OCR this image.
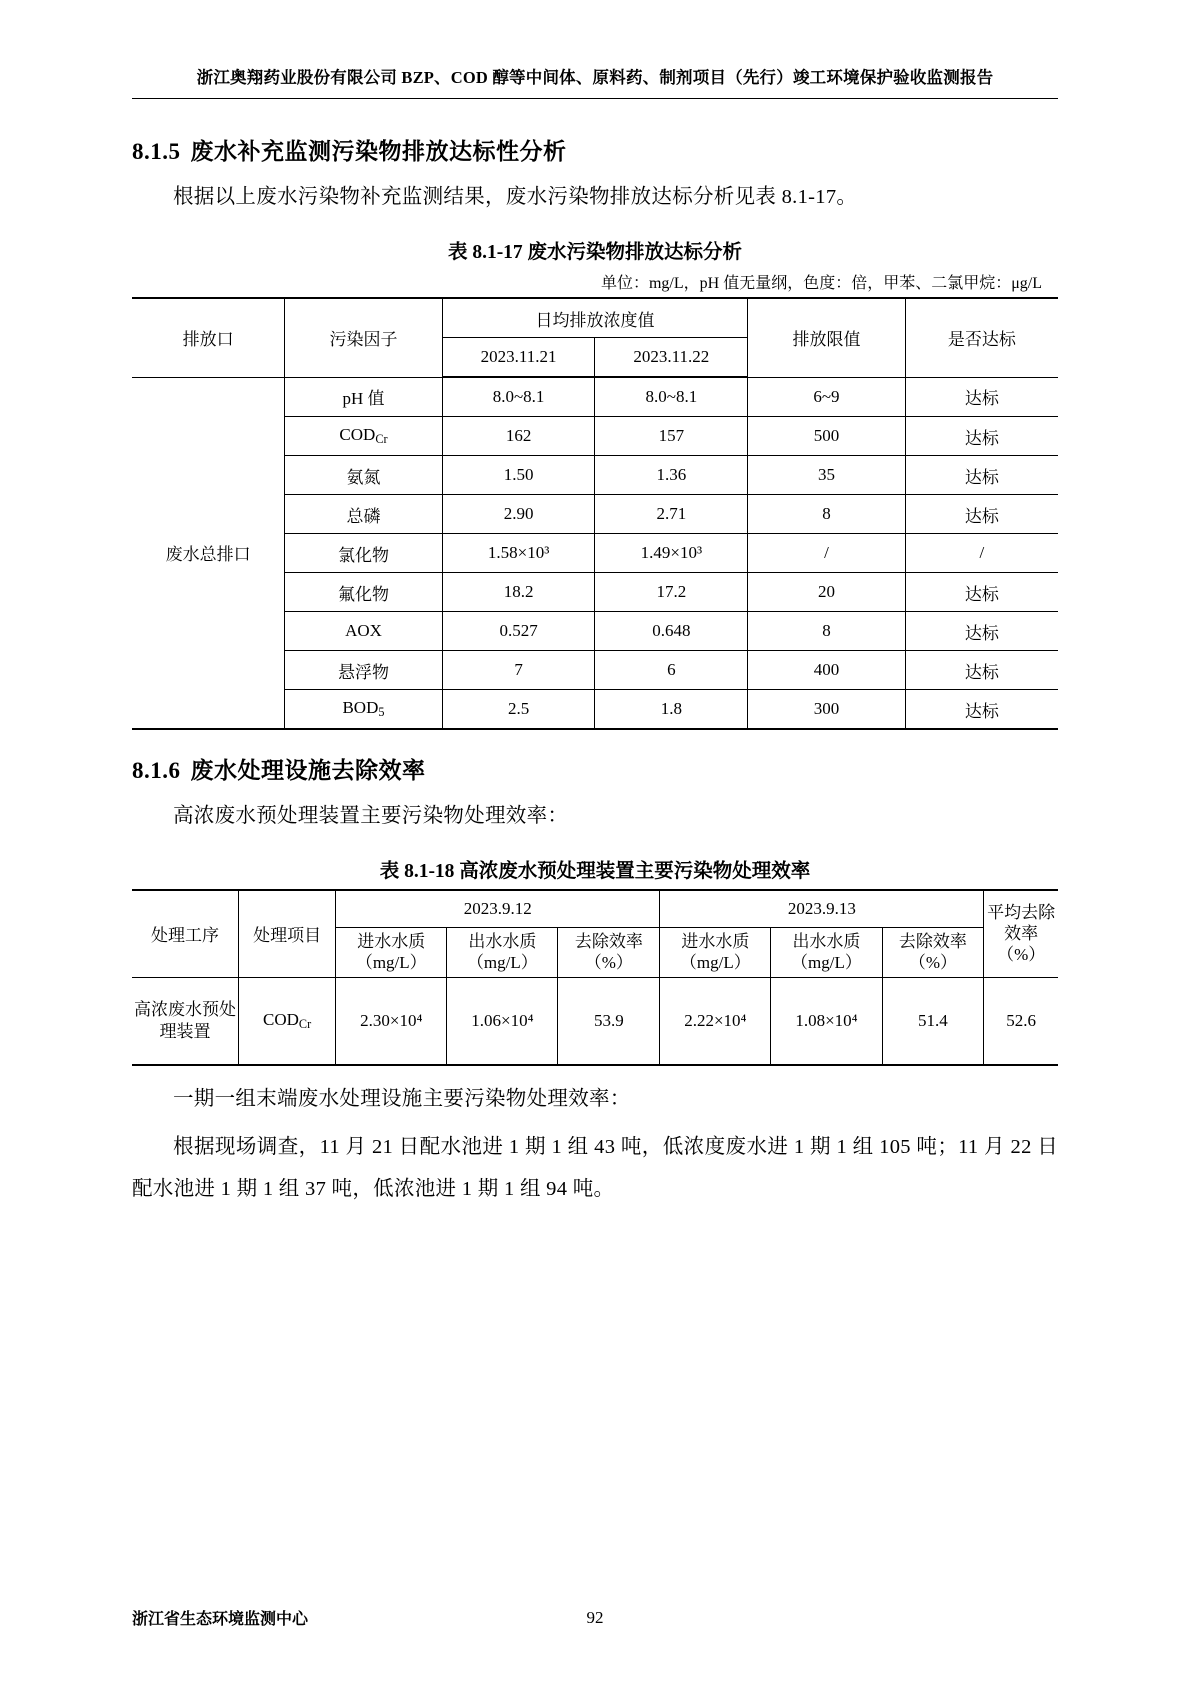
浙江奥翔药业股份有限公司 BZP、COD 醇等中间体、原料药、制剂项目（先行）竣工环境保护验收监测报告
8.1.5 废水补充监测污染物排放达标性分析

根据以上废水污染物补充监测结果，废水污染物排放达标分析见表 8.1-17。

表 8.1-17 废水污染物排放达标分析
单位：mg/L，pH 值无量纲，色度：倍，甲苯、二氯甲烷：μg/L
排放口	污染因子	日均排放浓度值		排放限值	是否达标
		2023.11.21	2023.11.22		
废水总排口	pH 值	8.0~8.1	8.0~8.1	6~9	达标
	$COD_{Cr}$	162	157	500	达标
	氨氮	1.50	1.36	35	达标
	总磷	2.90	2.71	8	达标
	氯化物	1.58×10³	1.49×10³	/	/
	氟化物	18.2	17.2	20	达标
	AOX	0.527	0.648	8	达标
	悬浮物	7	6	400	达标
	$BOD_5$	2.5	1.8	300	达标
8.1.6 废水处理设施去除效率

高浓废水预处理装置主要污染物处理效率：

表 8.1-18 高浓废水预处理装置主要污染物处理效率
处理工序	处理项目	2023.9.12			2023.9.13			平均去除效率（%）
		进水水质（mg/L）	出水水质（mg/L）	去除效率（%）	进水水质（mg/L）	出水水质（mg/L）	去除效率（%）	
高浓废水预处理装置	$COD_{Cr}$	2.30×10⁴	1.06×10⁴	53.9	2.22×10⁴	1.08×10⁴	51.4	52.6

一期一组末端废水处理设施主要污染物处理效率：

根据现场调查，11 月 21 日配水池进 1 期 1 组 43 吨，低浓度废水进 1 期 1 组 105 吨；11 月 22 日配水池进 1 期 1 组 37 吨，低浓池进 1 期 1 组 94 吨。

浙江省生态环境监测中心	92
